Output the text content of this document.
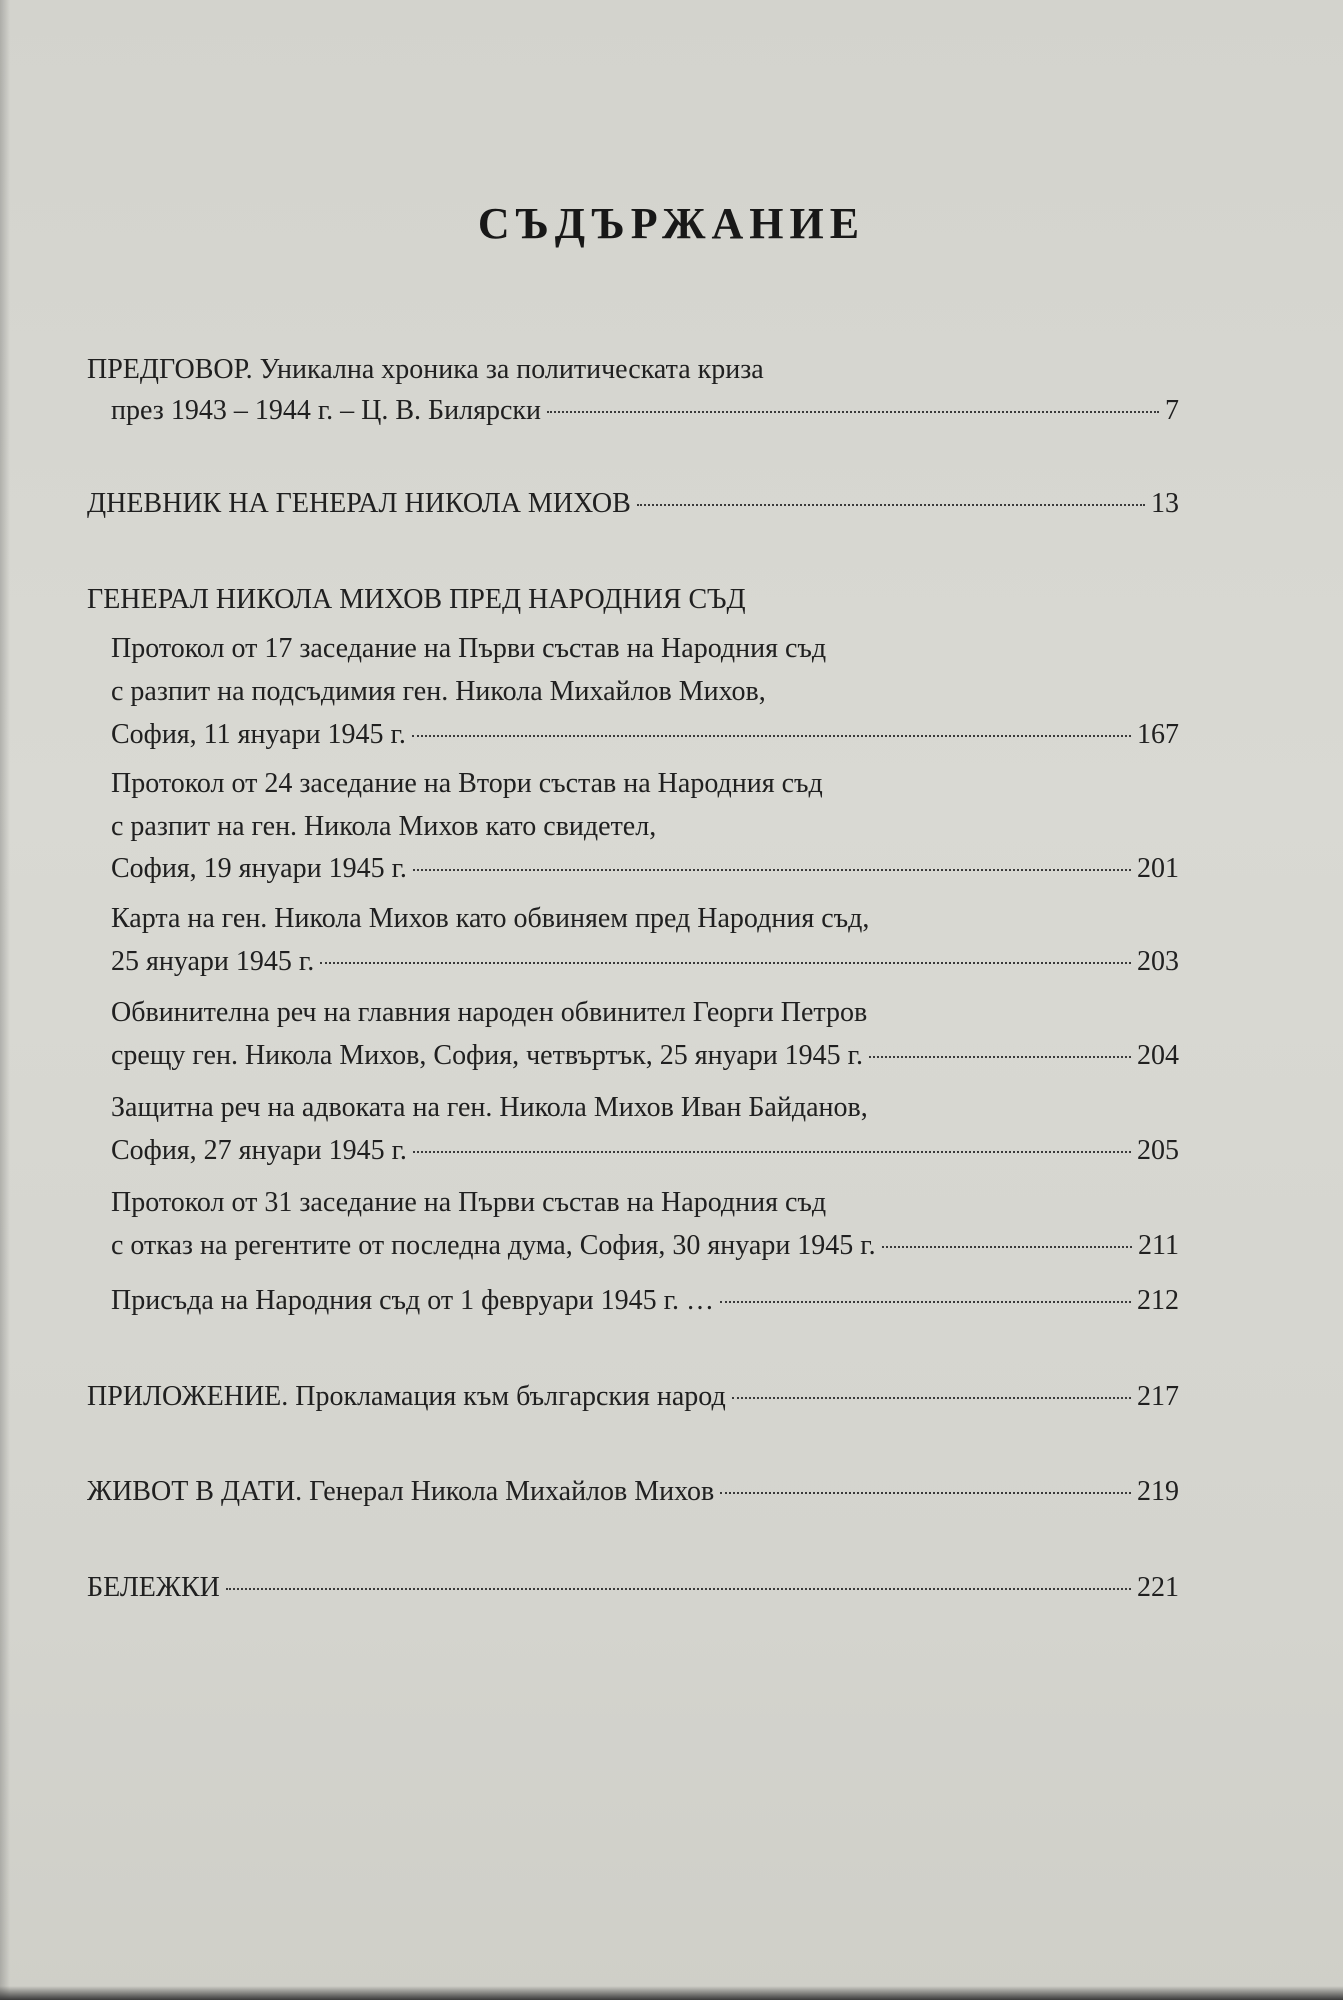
СЪДЪРЖАНИЕ
ПРЕДГОВОР. Уникална хроника за политическата криза
през 1943 – 1944 г. – Ц. В. Билярски	7
ДНЕВНИК НА ГЕНЕРАЛ НИКОЛА МИХОВ	13
ГЕНЕРАЛ НИКОЛА МИХОВ ПРЕД НАРОДНИЯ СЪД
Протокол от 17 заседание на Първи състав на Народния съд
с разпит на подсъдимия ген. Никола Михайлов Михов,
София, 11 януари 1945 г.	167
Протокол от 24 заседание на Втори състав на Народния съд
с разпит на ген. Никола Михов като свидетел,
София, 19 януари 1945 г.	201
Карта на ген. Никола Михов като обвиняем пред Народния съд,
25 януари 1945 г.	203
Обвинителна реч на главния народен обвинител Георги Петров
срещу ген. Никола Михов, София, четвъртък, 25 януари 1945 г.	204
Защитна реч на адвоката на ген. Никола Михов Иван Байданов,
София, 27 януари 1945 г.	205
Протокол от 31 заседание на Първи състав на Народния съд
с отказ на регентите от последна дума, София, 30 януари 1945 г.	211
Присъда на Народния съд от 1 февруари 1945 г. …	212
ПРИЛОЖЕНИЕ. Прокламация към българския народ	217
ЖИВОТ В ДАТИ. Генерал Никола Михайлов Михов	219
БЕЛЕЖКИ	221
